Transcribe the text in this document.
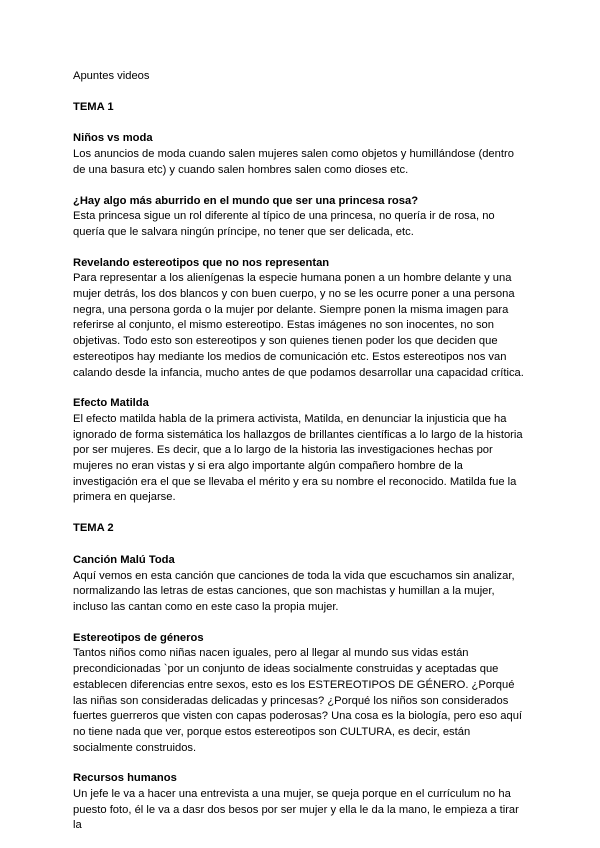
Apuntes videos
TEMA 1
Niños vs moda

Los anuncios de moda cuando salen mujeres salen como objetos y humillándose (dentro de una basura etc) y cuando salen hombres salen como dioses etc.

¿Hay algo más aburrido en el mundo que ser una princesa rosa?

Esta princesa sigue un rol diferente al típico de una princesa, no quería ir de rosa, no quería que le salvara ningún príncipe, no tener que ser delicada, etc.

Revelando estereotipos que no nos representan

Para representar a los alienígenas la especie humana ponen a un hombre delante y una mujer detrás, los dos blancos y con buen cuerpo, y no se les ocurre poner a una persona negra, una persona gorda o la mujer por delante. Siempre ponen la misma imagen para referirse al conjunto, el mismo estereotipo. Estas imágenes no son inocentes, no son objetivas. Todo esto son estereotipos y son quienes tienen poder los que deciden que estereotipos hay mediante los medios de comunicación etc. Estos estereotipos nos van calando desde la infancia, mucho antes de que podamos desarrollar una capacidad crítica.

Efecto Matilda

El efecto matilda habla de la primera activista, Matilda, en denunciar la injusticia que ha ignorado de forma sistemática los hallazgos de brillantes científicas a lo largo de la historia por ser mujeres. Es decir, que a lo largo de la historia las investigaciones hechas por mujeres no eran vistas y si era algo importante algún compañero hombre de la investigación era el que se llevaba el mérito y era su nombre el reconocido. Matilda fue la primera en quejarse.

TEMA 2
Canción Malú Toda

Aquí vemos en esta canción que canciones de toda la vida que escuchamos sin analizar, normalizando las letras de estas canciones, que son machistas y humillan a la mujer, incluso las cantan como en este caso la propia mujer.

Estereotipos de géneros

Tantos niños como niñas nacen iguales, pero al llegar al mundo sus vidas están precondicionadas `por un conjunto de ideas socialmente construidas y aceptadas que establecen diferencias entre sexos, esto es los ESTEREOTIPOS DE GÉNERO. ¿Porqué las niñas son consideradas delicadas y princesas? ¿Porqué los niños son considerados fuertes guerreros que visten con capas poderosas? Una cosa es la biología, pero eso aquí no tiene nada que ver, porque estos estereotipos son CULTURA, es decir, están socialmente construidos.

Recursos humanos

Un jefe le va a hacer una entrevista a una mujer, se queja porque en el currículum no ha puesto foto, él le va a dasr dos besos por ser mujer y ella le da la mano, le empieza a tirar la
